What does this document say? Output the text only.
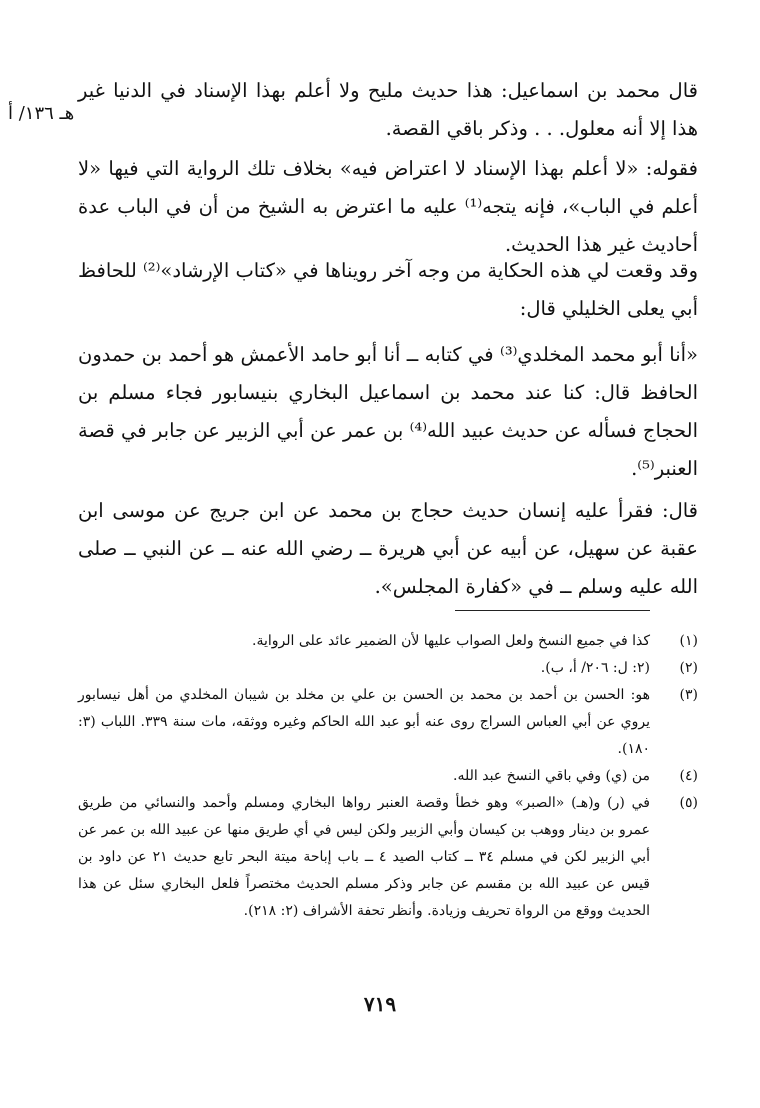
هـ ١٣٦/ أ

قال محمد بن اسماعيل: هذا حديث مليح ولا أعلم بهذا الإسناد في الدنيا غير هذا إلا أنه معلول. . . وذكر باقي القصة.

فقوله: «لا أعلم بهذا الإسناد لا اعتراض فيه» بخلاف تلك الرواية التي فيها «لا أعلم في الباب»، فإنه يتجه⁽¹⁾ عليه ما اعترض به الشيخ من أن في الباب عدة أحاديث غير هذا الحديث.

وقد وقعت لي هذه الحكاية من وجه آخر رويناها في «كتاب الإرشاد»⁽²⁾ للحافظ أبي يعلى الخليلي قال:

«أنا أبو محمد المخلدي⁽³⁾ في كتابه ــ أنا أبو حامد الأعمش هو أحمد بن حمدون الحافظ قال: كنا عند محمد بن اسماعيل البخاري بنيسابور فجاء مسلم بن الحجاج فسأله عن حديث عبيد الله⁽⁴⁾ بن عمر عن أبي الزبير عن جابر في قصة العنبر⁽⁵⁾.

قال: فقرأ عليه إنسان حديث حجاج بن محمد عن ابن جريج عن موسى ابن عقبة عن سهيل، عن أبيه عن أبي هريرة ــ رضي الله عنه ــ عن النبي ــ صلى الله عليه وسلم ــ في «كفارة المجلس».

(١)
كذا في جميع النسخ ولعل الصواب عليها لأن الضمير عائد على الرواية.
(٢)
(٢: ل: ٢٠٦/ أ، ب).
(٣)
هو: الحسن بن أحمد بن محمد بن الحسن بن علي بن مخلد بن شيبان المخلدي من أهل نيسابور يروي عن أبي العباس السراج روى عنه أبو عبد الله الحاكم وغيره ووثقه، مات سنة ٣٣٩. اللباب (٣: ١٨٠).
(٤)
من (ي) وفي باقي النسخ عبد الله.
(٥)
في (ر) و(هـ) «الصبر» وهو خطأ وقصة العنبر رواها البخاري ومسلم وأحمد والنسائي من طريق عمرو بن دينار ووهب بن كيسان وأبي الزبير ولكن ليس في أي طريق منها عن عبيد الله بن عمر عن أبي الزبير لكن في مسلم ٣٤ ــ كتاب الصيد ٤ ــ باب إباحة ميتة البحر تابع حديث ٢١ عن داود بن قيس عن عبيد الله بن مقسم عن جابر وذكر مسلم الحديث مختصراً فلعل البخاري سئل عن هذا الحديث ووقع من الرواة تحريف وزيادة. وأنظر تحفة الأشراف (٢: ٢١٨).
٧١٩
